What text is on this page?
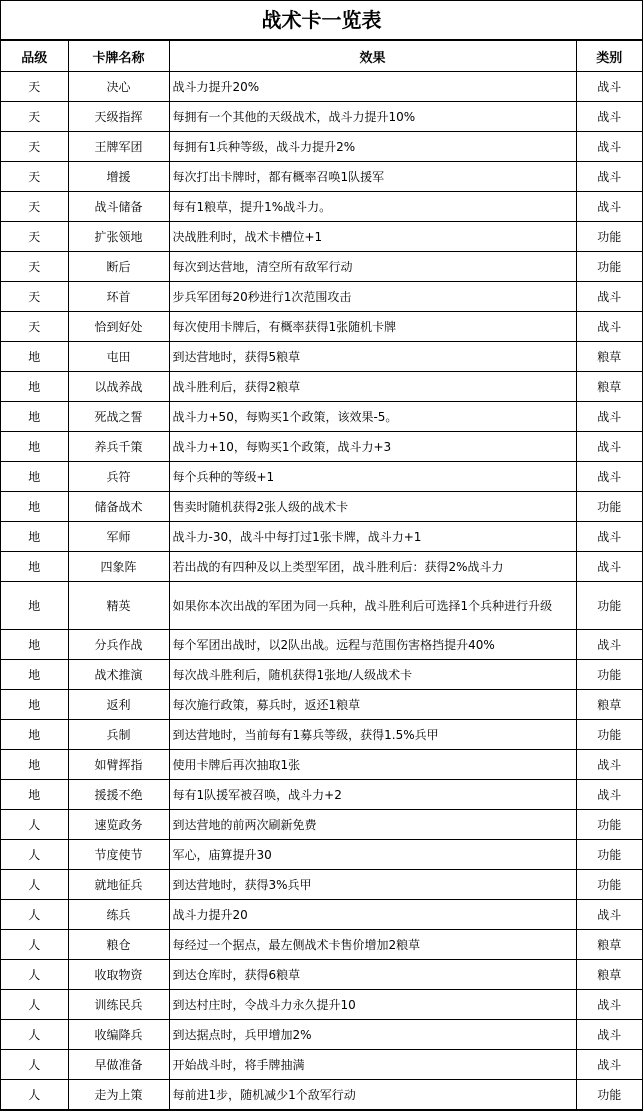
战术卡一览表
品级	卡牌名称	效果	类别
天	决心	战斗力提升20%	战斗
天	天级指挥	每拥有一个其他的天级战术，战斗力提升10%	战斗
天	王牌军团	每拥有1兵种等级，战斗力提升2%	战斗
天	增援	每次打出卡牌时，都有概率召唤1队援军	战斗
天	战斗储备	每有1粮草，提升1%战斗力。	战斗
天	扩张领地	决战胜利时，战术卡槽位+1	功能
天	断后	每次到达营地，清空所有敌军行动	功能
天	环首	步兵军团每20秒进行1次范围攻击	战斗
天	恰到好处	每次使用卡牌后，有概率获得1张随机卡牌	战斗
地	屯田	到达营地时，获得5粮草	粮草
地	以战养战	战斗胜利后，获得2粮草	粮草
地	死战之誓	战斗力+50，每购买1个政策，该效果-5。	战斗
地	养兵千策	战斗力+10，每购买1个政策，战斗力+3	战斗
地	兵符	每个兵种的等级+1	战斗
地	储备战术	售卖时随机获得2张人级的战术卡	功能
地	军师	战斗力-30，战斗中每打过1张卡牌，战斗力+1	战斗
地	四象阵	若出战的有四种及以上类型军团，战斗胜利后：获得2%战斗力	战斗
地	精英	如果你本次出战的军团为同一兵种，战斗胜利后可选择1个兵种进行升级	功能
地	分兵作战	每个军团出战时，以2队出战。远程与范围伤害格挡提升40%	战斗
地	战术推演	每次战斗胜利后，随机获得1张地/人级战术卡	功能
地	返利	每次施行政策，募兵时，返还1粮草	粮草
地	兵制	到达营地时，当前每有1募兵等级，获得1.5%兵甲	功能
地	如臂挥指	使用卡牌后再次抽取1张	战斗
地	援援不绝	每有1队援军被召唤，战斗力+2	战斗
人	速览政务	到达营地的前两次刷新免费	功能
人	节度使节	军心，庙算提升30	功能
人	就地征兵	到达营地时，获得3%兵甲	功能
人	练兵	战斗力提升20	战斗
人	粮仓	每经过一个据点，最左侧战术卡售价增加2粮草	粮草
人	收取物资	到达仓库时，获得6粮草	粮草
人	训练民兵	到达村庄时，令战斗力永久提升10	战斗
人	收编降兵	到达据点时，兵甲增加2%	战斗
人	早做准备	开始战斗时，将手牌抽满	战斗
人	走为上策	每前进1步，随机减少1个敌军行动	功能
